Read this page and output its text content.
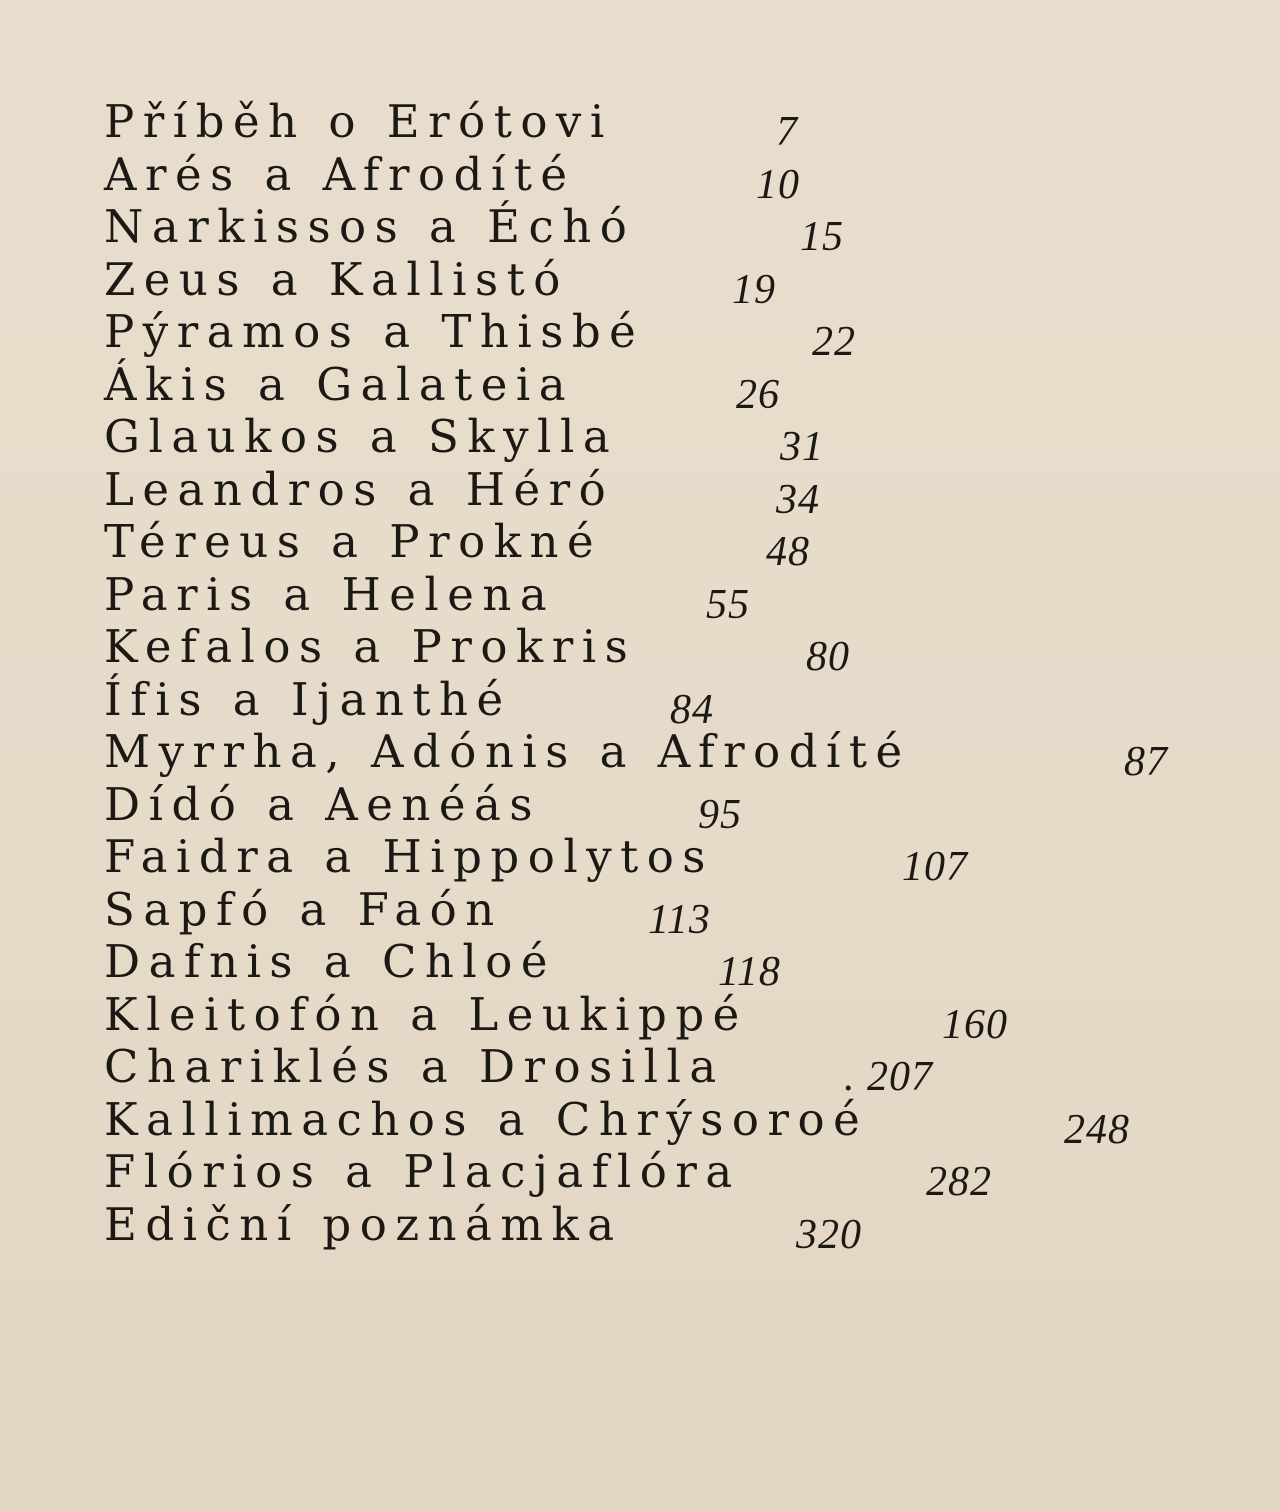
Příběh o Erótovi	7
Arés a Afrodíté	10
Narkissos a Échó	15
Zeus a Kallistó	19
Pýramos a Thisbé	22
Ákis a Galateia	26
Glaukos a Skylla	31
Leandros a Héró	34
Téreus a Prokné	48
Paris a Helena	55
Kefalos a Prokris	80
Ífis a Ijanthé	84
Myrrha, Adónis a Afrodíté	87
Dídó a Aenéás	95
Faidra a Hippolytos	107
Sapfó a Faón	113
Dafnis a Chloé	118
Kleitofón a Leukippé	160
Chariklés a Drosilla	. 207
Kallimachos a Chrýsoroé	248
Flórios a Placjaflóra	282
Ediční poznámka	320
